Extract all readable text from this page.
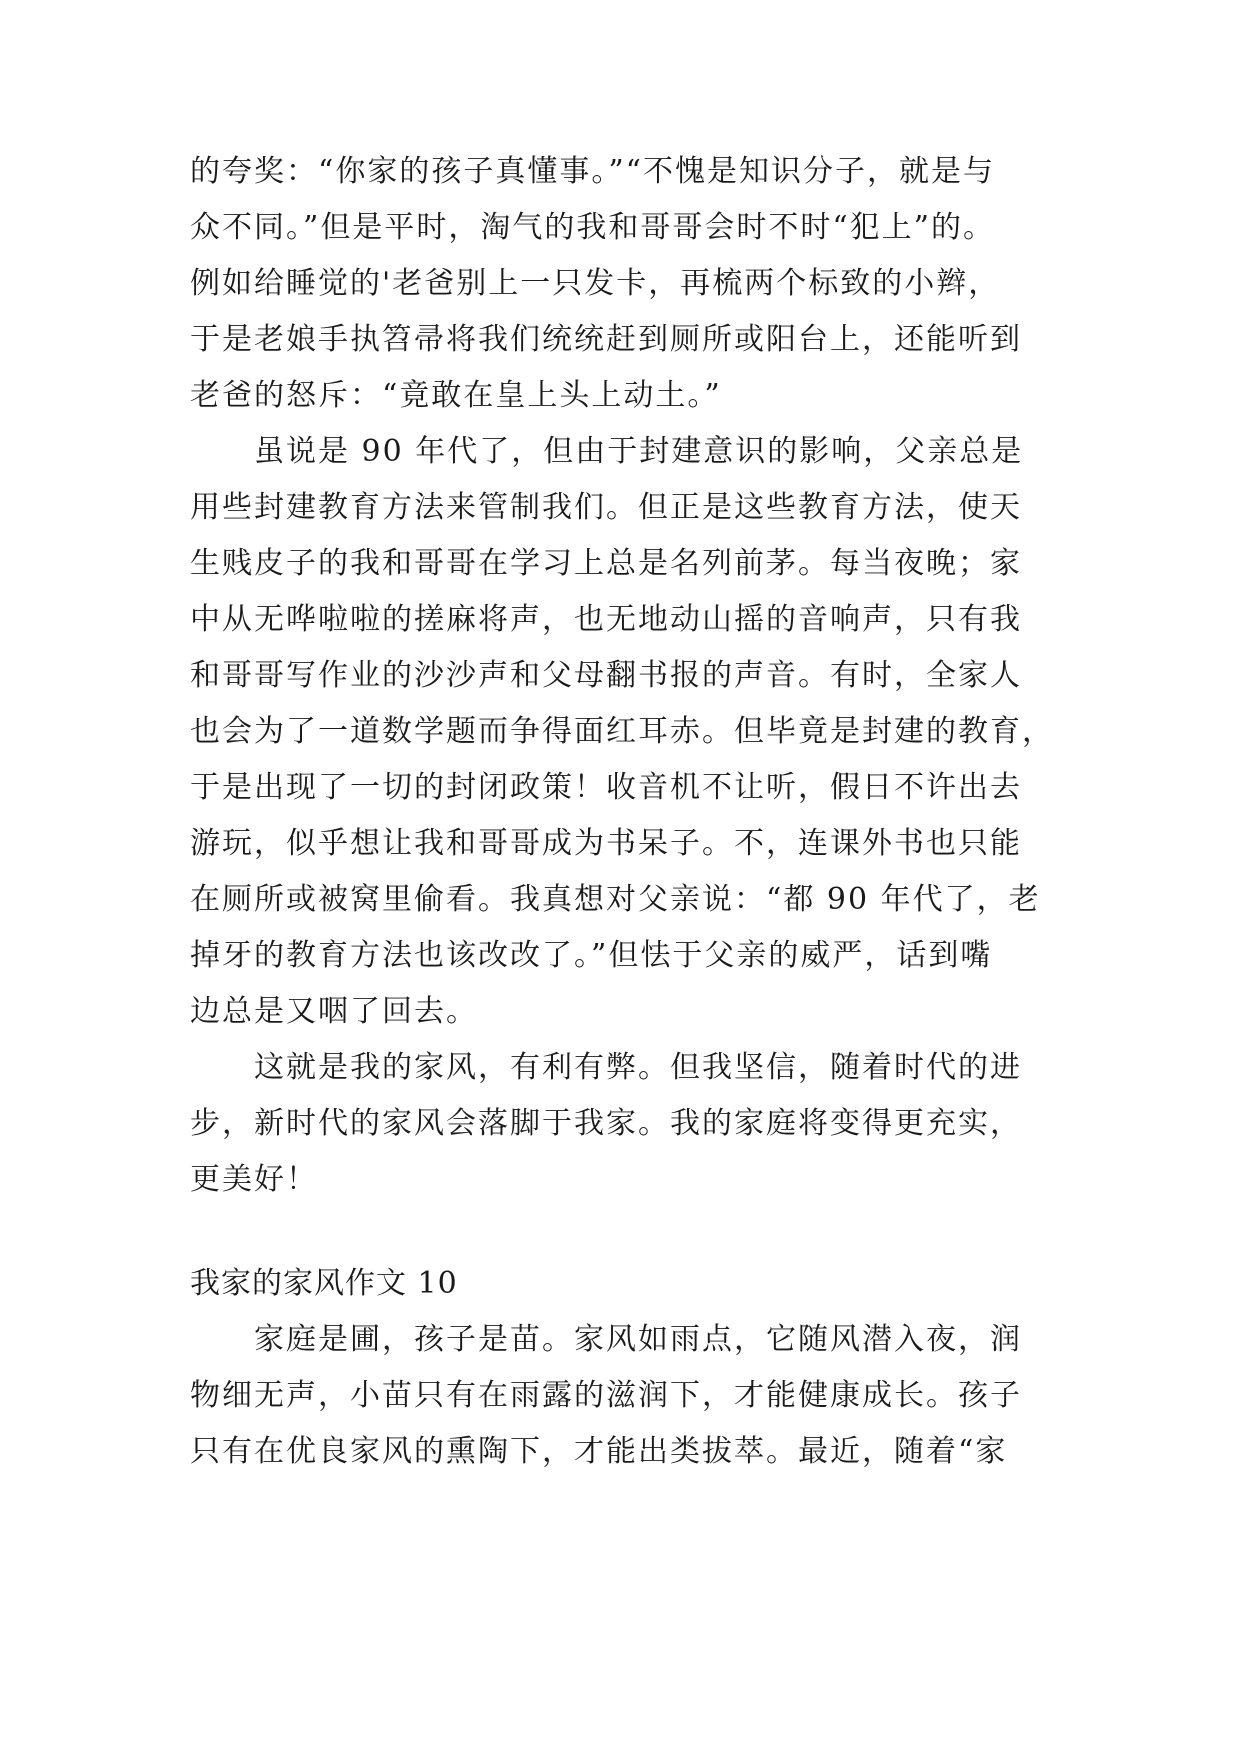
的夸奖：“你家的孩子真懂事。”“不愧是知识分子，就是与
众不同。”但是平时，淘气的我和哥哥会时不时“犯上”的。
例如给睡觉的'老爸别上一只发卡，再梳两个标致的小辫，
于是老娘手执笤帚将我们统统赶到厕所或阳台上，还能听到
老爸的怒斥：“竟敢在皇上头上动土。”
虽说是 90 年代了，但由于封建意识的影响，父亲总是
用些封建教育方法来管制我们。但正是这些教育方法，使天
生贱皮子的我和哥哥在学习上总是名列前茅。每当夜晚；家
中从无哗啦啦的搓麻将声，也无地动山摇的音响声，只有我
和哥哥写作业的沙沙声和父母翻书报的声音。有时，全家人
也会为了一道数学题而争得面红耳赤。但毕竟是封建的教育，
于是出现了一切的封闭政策！收音机不让听，假日不许出去
游玩，似乎想让我和哥哥成为书呆子。不，连课外书也只能
在厕所或被窝里偷看。我真想对父亲说：“都 90 年代了，老
掉牙的教育方法也该改改了。”但怯于父亲的威严，话到嘴
边总是又咽了回去。
这就是我的家风，有利有弊。但我坚信，随着时代的进
步，新时代的家风会落脚于我家。我的家庭将变得更充实，
更美好！
我家的家风作文 10
家庭是圃，孩子是苗。家风如雨点，它随风潜入夜，润
物细无声，小苗只有在雨露的滋润下，才能健康成长。孩子
只有在优良家风的熏陶下，才能出类拔萃。最近，随着“家
